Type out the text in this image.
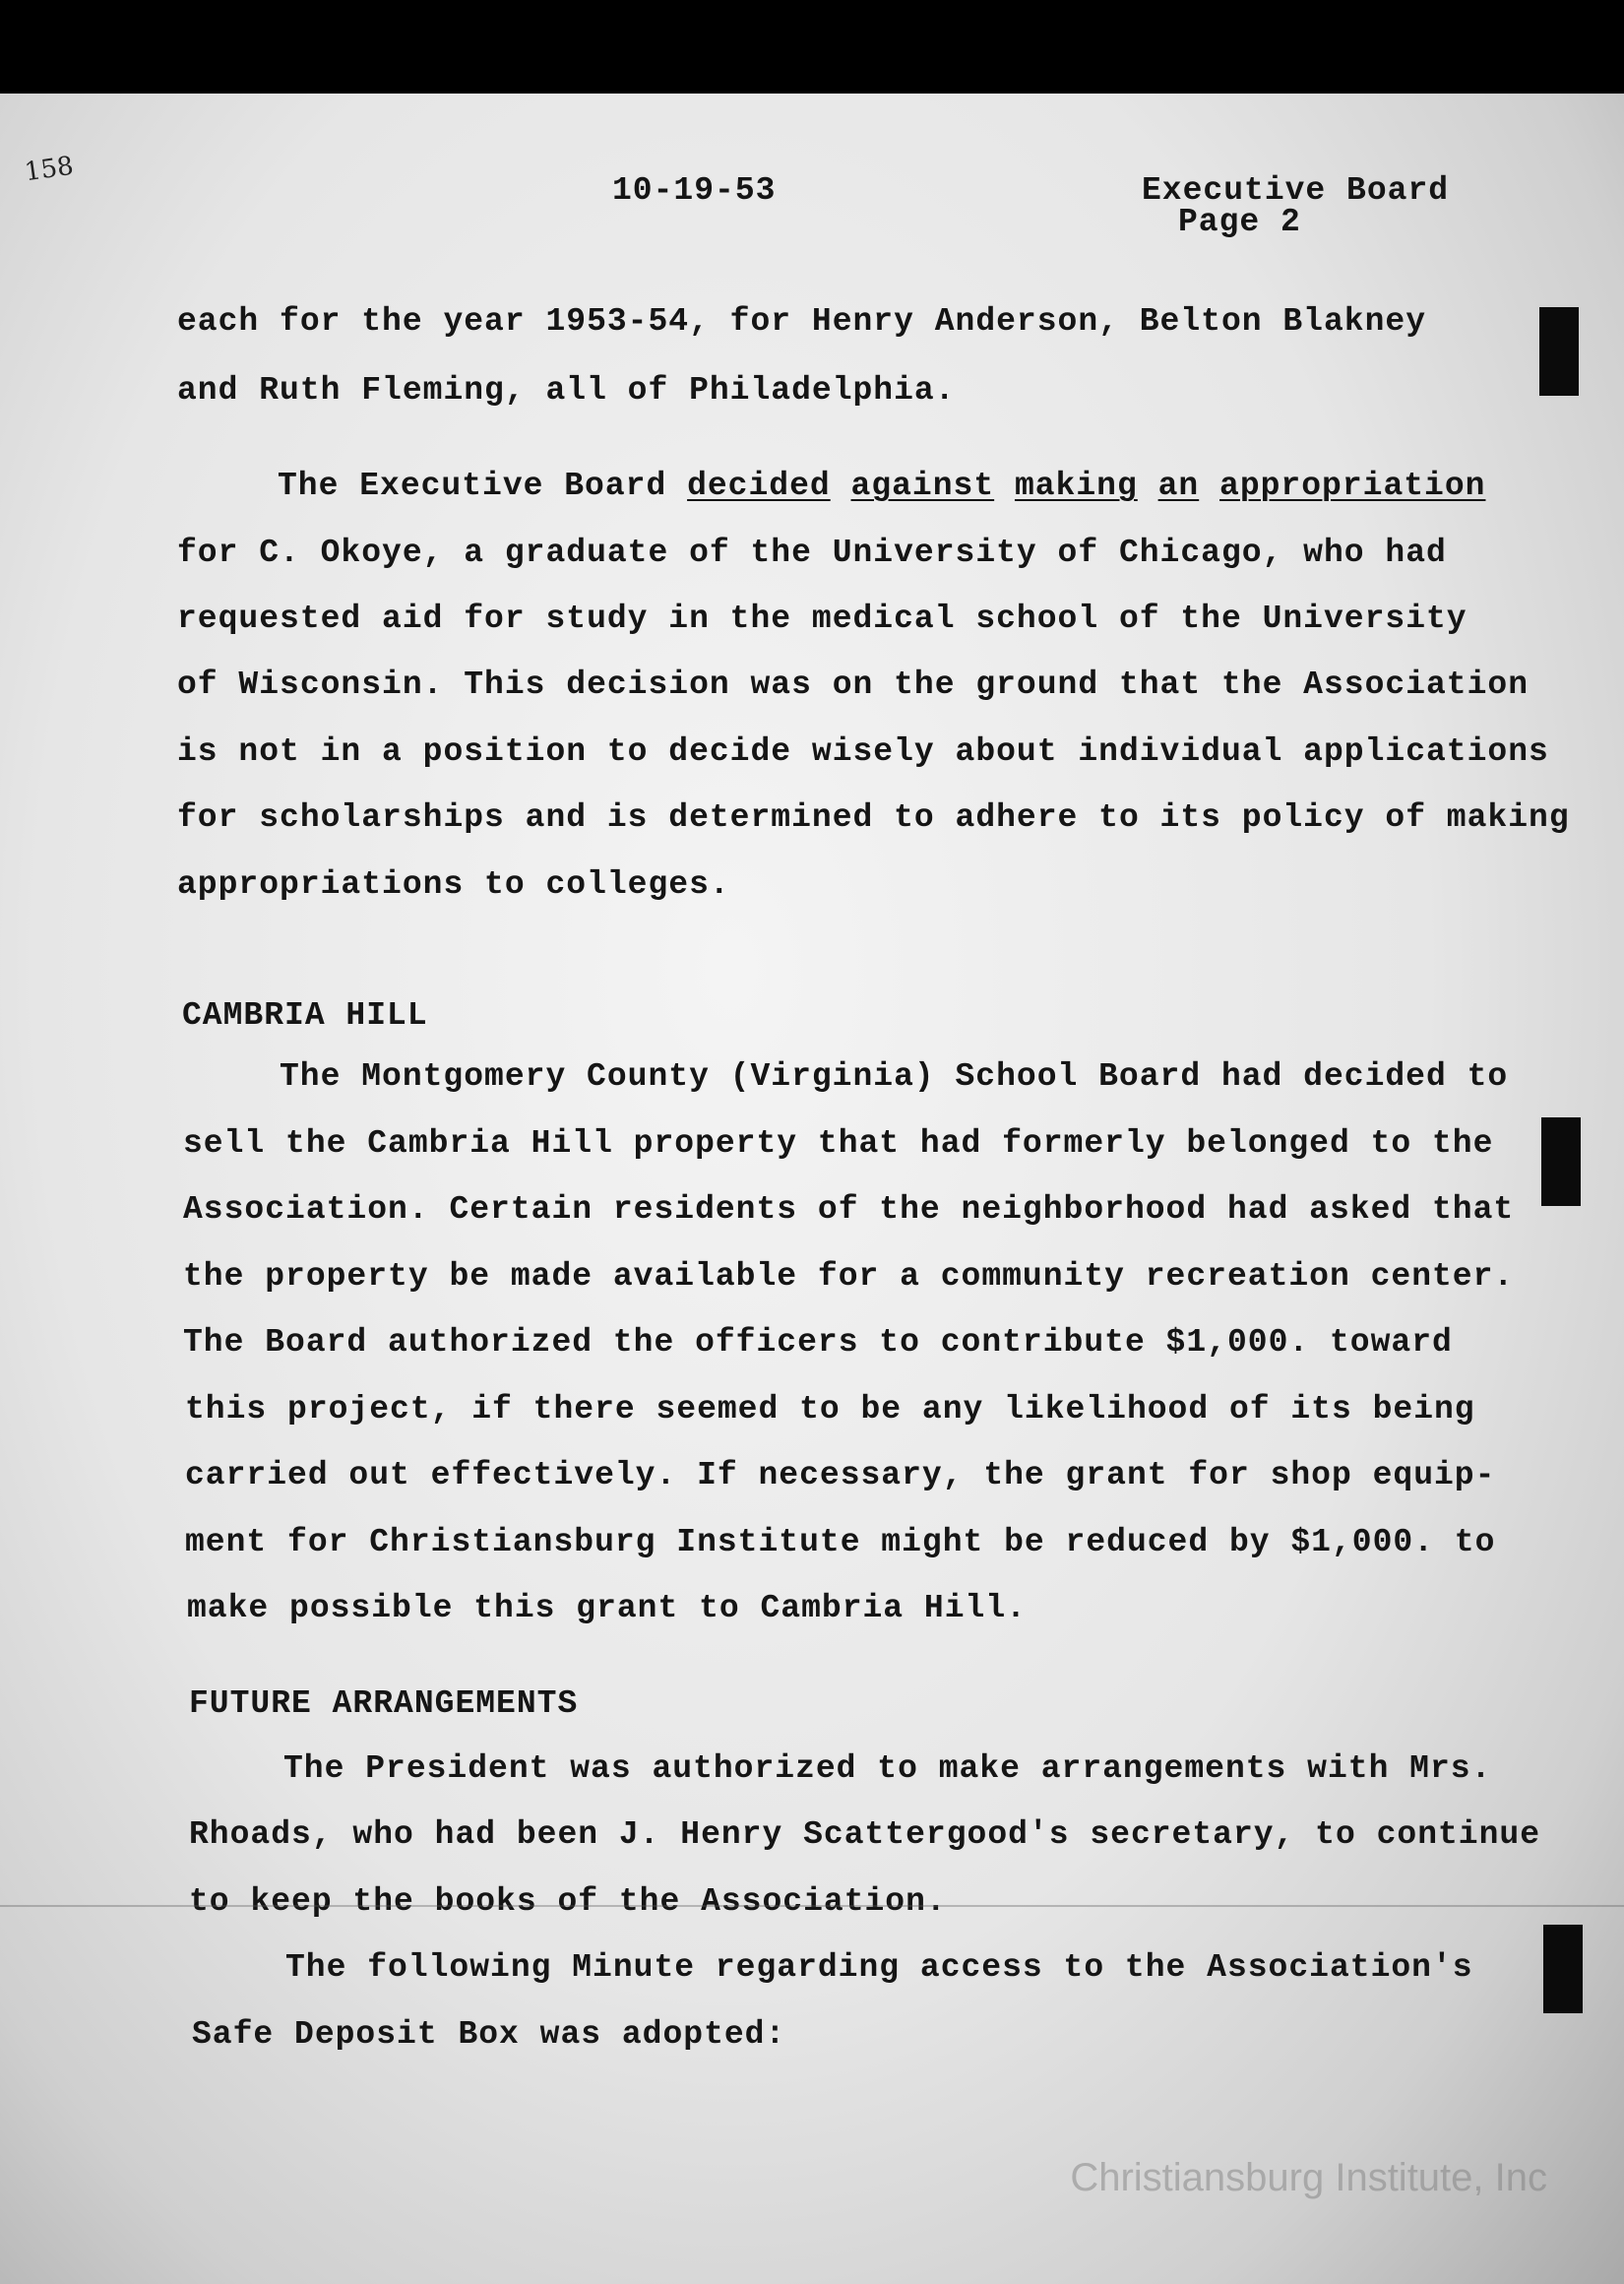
158
10-19-53	Executive Board
Page 2
each for the year 1953-54, for Henry Anderson, Belton Blakney
and Ruth Fleming, all of Philadelphia.
The Executive Board decided against making an appropriation
for C. Okoye, a graduate of the University of Chicago, who had
requested aid for study in the medical school of the University
of Wisconsin. This decision was on the ground that the Association
is not in a position to decide wisely about individual applications
for scholarships and is determined to adhere to its policy of making
appropriations to colleges.
CAMBRIA HILL
The Montgomery County (Virginia) School Board had decided to
sell the Cambria Hill property that had formerly belonged to the
Association. Certain residents of the neighborhood had asked that
the property be made available for a community recreation center.
The Board authorized the officers to contribute $1,000. toward
this project, if there seemed to be any likelihood of its being
carried out effectively. If necessary, the grant for shop equip-
ment for Christiansburg Institute might be reduced by $1,000. to
make possible this grant to Cambria Hill.
FUTURE ARRANGEMENTS
The President was authorized to make arrangements with Mrs.
Rhoads, who had been J. Henry Scattergood's secretary, to continue
to keep the books of the Association.
The following Minute regarding access to the Association's
Safe Deposit Box was adopted:
Christiansburg Institute, Inc
